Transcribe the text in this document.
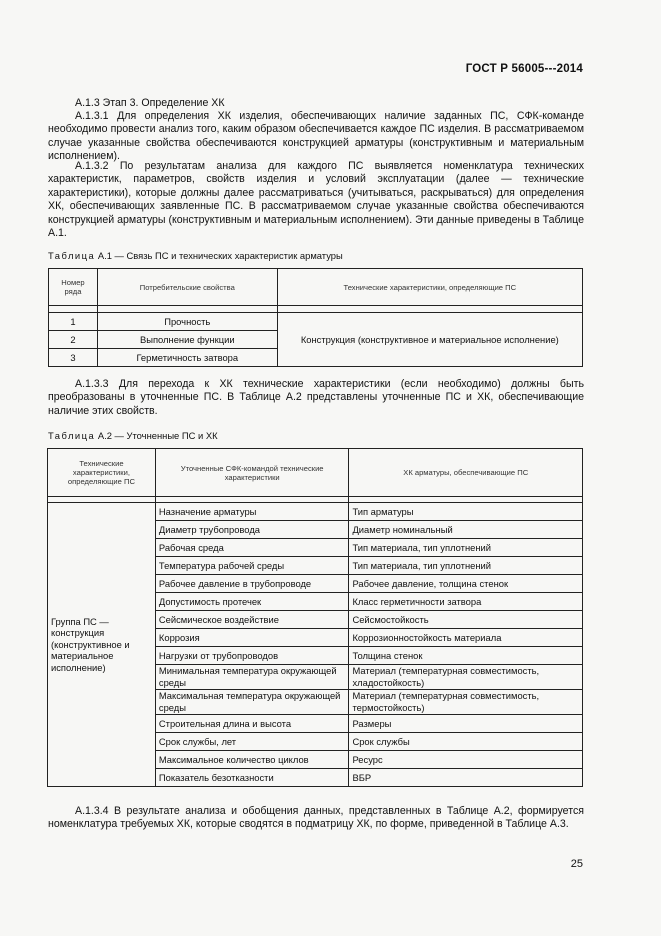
ГОСТ Р 56005---2014
А.1.3 Этап 3. Определение ХК
А.1.3.1 Для определения ХК изделия, обеспечивающих наличие заданных ПС, СФК-команде необходимо провести анализ того, каким образом обеспечивается каждое ПС изделия. В рассматриваемом случае указанные свойства обеспечиваются конструкцией арматуры (конструктивным и материальным исполнением).
А.1.3.2 По результатам анализа для каждого ПС выявляется номенклатура технических характеристик, параметров, свойств изделия и условий эксплуатации (далее — технические характеристики), которые должны далее рассматриваться (учитываться, раскрываться) для определения ХК, обеспечивающих заявленные ПС. В рассматриваемом случае указанные свойства обеспечиваются конструкцией арматуры (конструктивным и материальным исполнением). Эти данные приведены в Таблице А.1.
Таблица А.1 — Связь ПС и технических характеристик арматуры
Номер ряда	Потребительские свойства	Технические характеристики, определяющие ПС

1	Прочность	Конструкция (конструктивное и материальное исполнение)
2	Выполнение функции	
3	Герметичность затвора	
А.1.3.3 Для перехода к ХК технические характеристики (если необходимо) должны быть преобразованы в уточненные ПС. В Таблице А.2 представлены уточненные ПС и ХК, обеспечивающие наличие этих свойств.
Таблица А.2 — Уточненные ПС и ХК
Технические характеристики, определяющие ПС	Уточненные СФК-командой технические характеристики	ХК арматуры, обеспечивающие ПС

Группа ПС — конструкция (конструктивное и материальное исполнение)	Назначение арматуры	Тип арматуры
	Диаметр трубопровода	Диаметр номинальный
	Рабочая среда	Тип материала, тип уплотнений
	Температура рабочей среды	Тип материала, тип уплотнений
	Рабочее давление в трубопроводе	Рабочее давление, толщина стенок
	Допустимость протечек	Класс герметичности затвора
	Сейсмическое воздействие	Сейсмостойкость
	Коррозия	Коррозионностойкость материала
	Нагрузки от трубопроводов	Толщина стенок
	Минимальная температура окружающей среды	Материал (температурная совместимость, хладостойкость)
	Максимальная температура окружающей среды	Материал (температурная совместимость, термостойкость)
	Строительная длина и высота	Размеры
	Срок службы, лет	Срок службы
	Максимальное количество циклов	Ресурс
	Показатель безотказности	ВБР
А.1.3.4 В результате анализа и обобщения данных, представленных в Таблице А.2, формируется номенклатура требуемых ХК, которые сводятся в подматрицу ХК, по форме, приведенной в Таблице А.3.
25
